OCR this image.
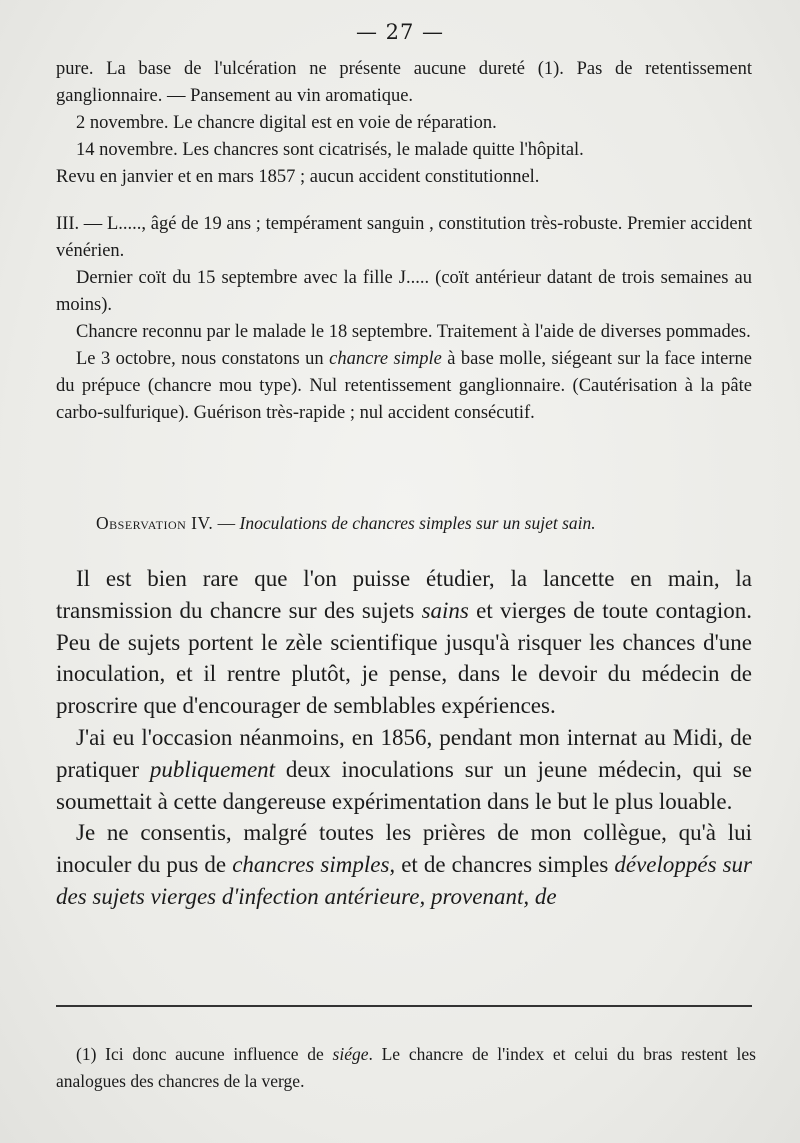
— 27 —

pure. La base de l'ulcération ne présente aucune dureté (1). Pas de retentissement ganglionnaire. — Pansement au vin aromatique.

2 novembre. Le chancre digital est en voie de réparation.

14 novembre. Les chancres sont cicatrisés, le malade quitte l'hôpital.

Revu en janvier et en mars 1857 ; aucun accident constitutionnel.

III. — L....., âgé de 19 ans ; tempérament sanguin , constitution très-robuste. Premier accident vénérien.

Dernier coït du 15 septembre avec la fille J..... (coït antérieur datant de trois semaines au moins).

Chancre reconnu par le malade le 18 septembre. Traitement à l'aide de diverses pommades.

Le 3 octobre, nous constatons un chancre simple à base molle, siégeant sur la face interne du prépuce (chancre mou type). Nul retentissement ganglionnaire. (Cautérisation à la pâte carbo-sulfurique). Guérison très-rapide ; nul accident consécutif.

Observation IV. — Inoculations de chancres simples sur un sujet sain.

Il est bien rare que l'on puisse étudier, la lancette en main, la transmission du chancre sur des sujets sains et vierges de toute contagion. Peu de sujets portent le zèle scientifique jusqu'à risquer les chances d'une inoculation, et il rentre plutôt, je pense, dans le devoir du médecin de proscrire que d'encourager de semblables expériences.

J'ai eu l'occasion néanmoins, en 1856, pendant mon internat au Midi, de pratiquer publiquement deux inoculations sur un jeune médecin, qui se soumettait à cette dangereuse expérimentation dans le but le plus louable.

Je ne consentis, malgré toutes les prières de mon collègue, qu'à lui inoculer du pus de chancres simples, et de chancres simples développés sur des sujets vierges d'infection antérieure, provenant, de

(1) Ici donc aucune influence de siége. Le chancre de l'index et celui du bras restent les analogues des chancres de la verge.
